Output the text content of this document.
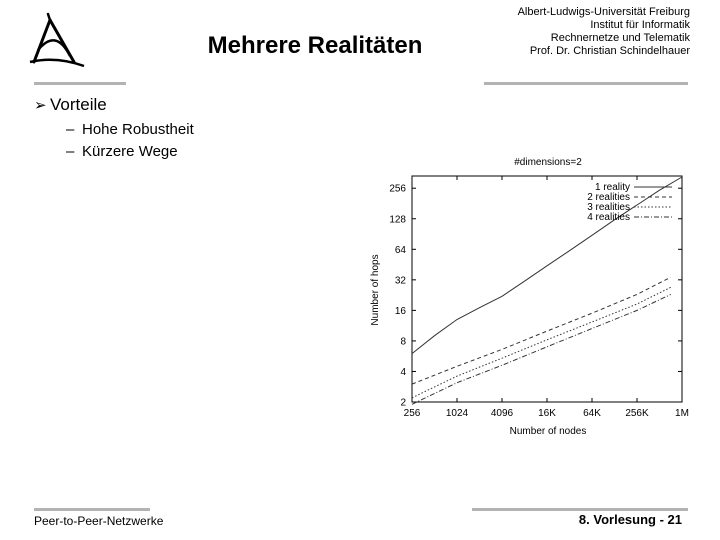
Mehrere Realitäten
Albert-Ludwigs-Universität Freiburg
Institut für Informatik
Rechnernetze und Telematik
Prof. Dr. Christian Schindelhauer
➢ Vorteile
– Hohe Robustheit
– Kürzere Wege
#dimensions=2
256	1024 4096 16K	64K 256K	1M
2
4
8
16
32
64
128
256	1 reality
2 realities
3 realities
4 realities
Number of nodes
Number of hops
Peer-to-Peer-Netzwerke	8. Vorlesung - 21
